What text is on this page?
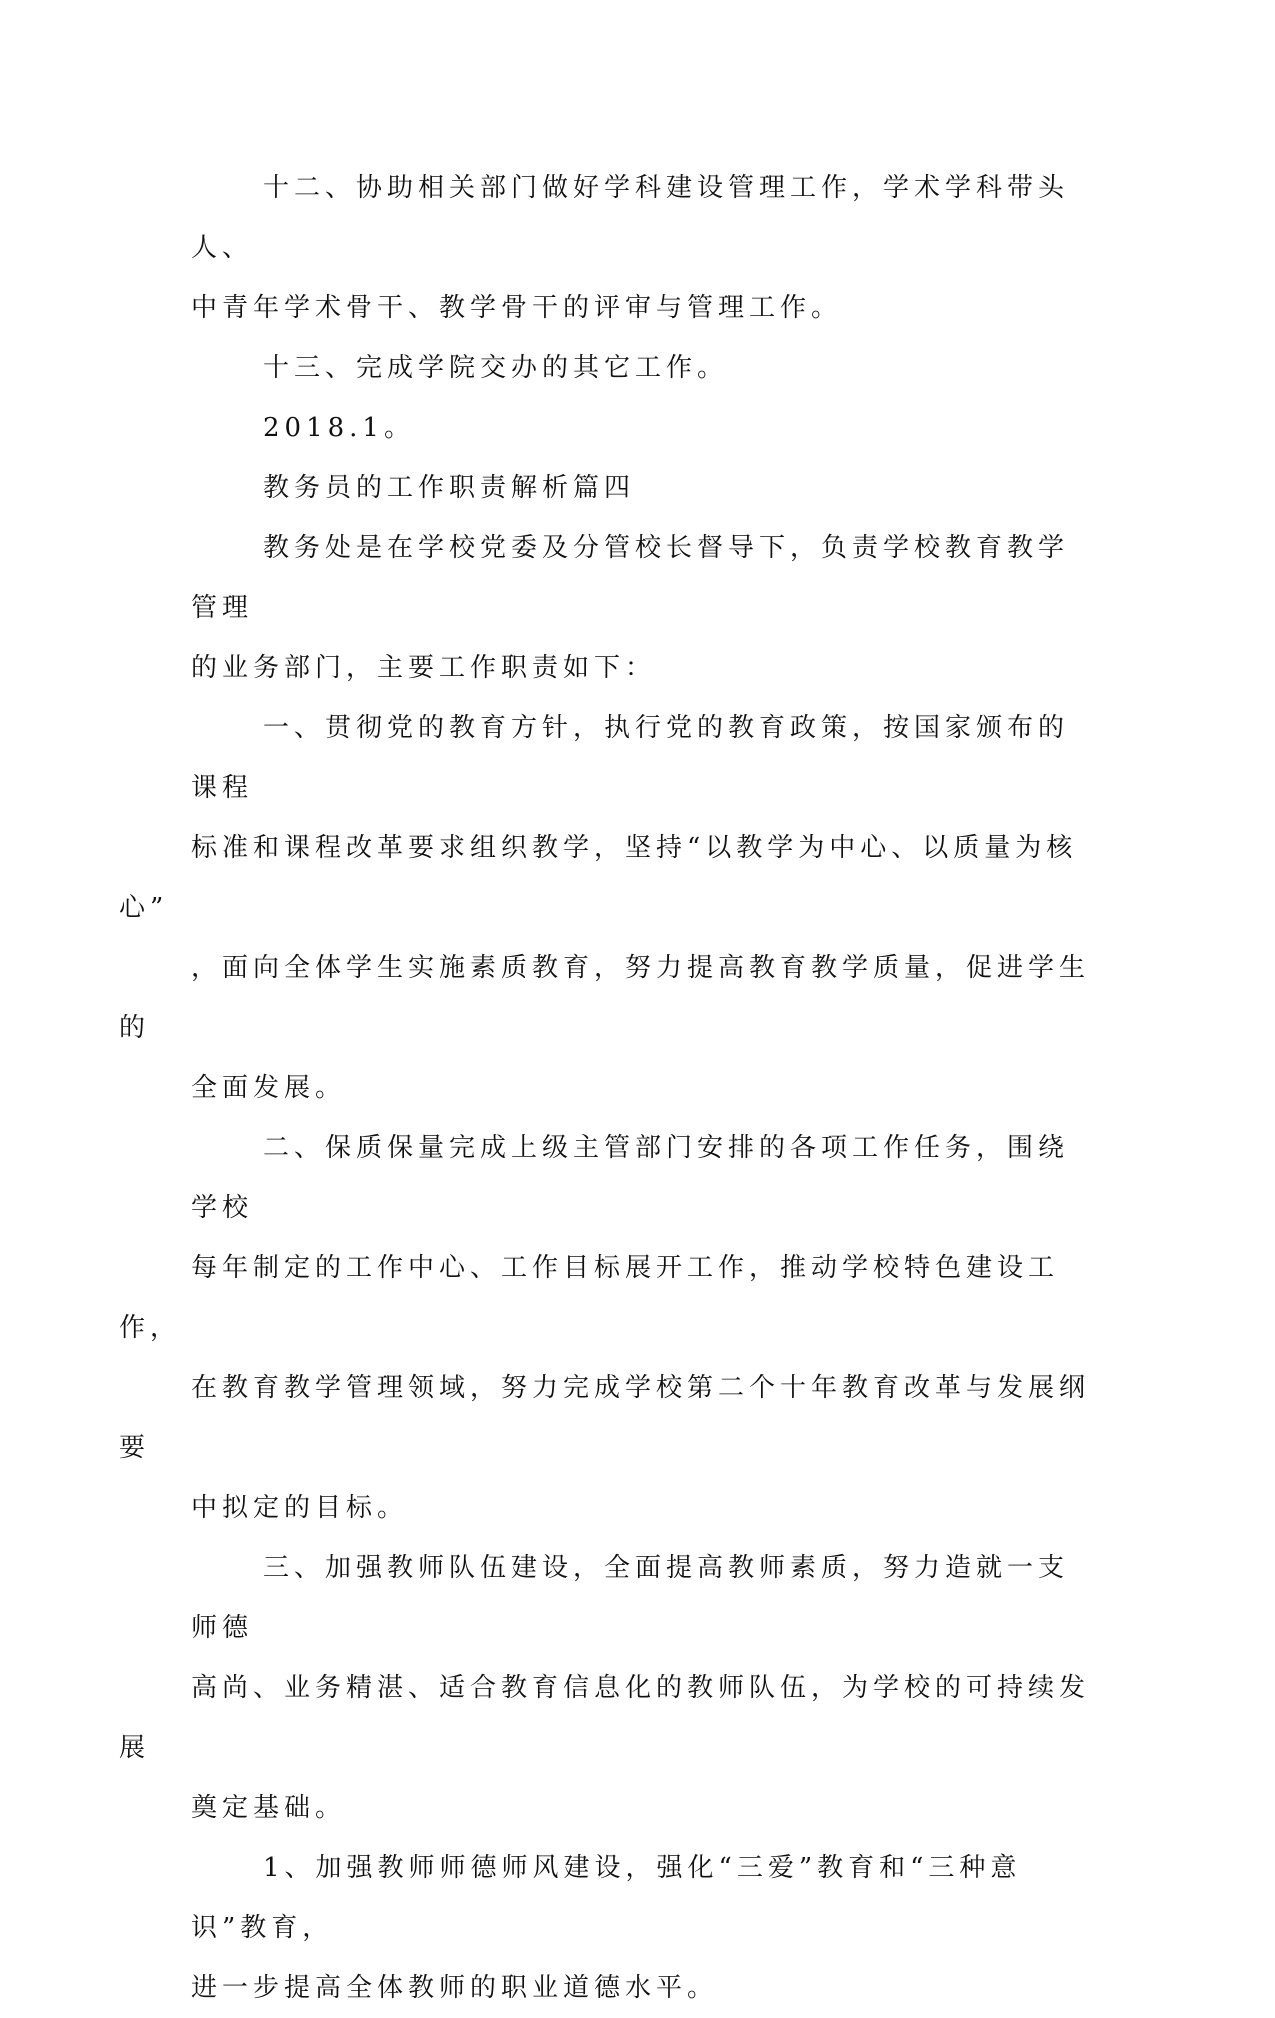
十二、协助相关部门做好学科建设管理工作，学术学科带头人、
中青年学术骨干、教学骨干的评审与管理工作。

十三、完成学院交办的其它工作。

2018.1。

教务员的工作职责解析篇四

教务处是在学校党委及分管校长督导下，负责学校教育教学管理
的业务部门，主要工作职责如下：

一、贯彻党的教育方针，执行党的教育政策，按国家颁布的课程
标准和课程改革要求组织教学，坚持“以教学为中心、以质量为核心”
，面向全体学生实施素质教育，努力提高教育教学质量，促进学生的
全面发展。

二、保质保量完成上级主管部门安排的各项工作任务，围绕学校
每年制定的工作中心、工作目标展开工作，推动学校特色建设工作，
在教育教学管理领域，努力完成学校第二个十年教育改革与发展纲要
中拟定的目标。

三、加强教师队伍建设，全面提高教师素质，努力造就一支师德
高尚、业务精湛、适合教育信息化的教师队伍，为学校的可持续发展
奠定基础。

1、加强教师师德师风建设，强化“三爱”教育和“三种意识”教育，
进一步提高全体教师的职业道德水平。
